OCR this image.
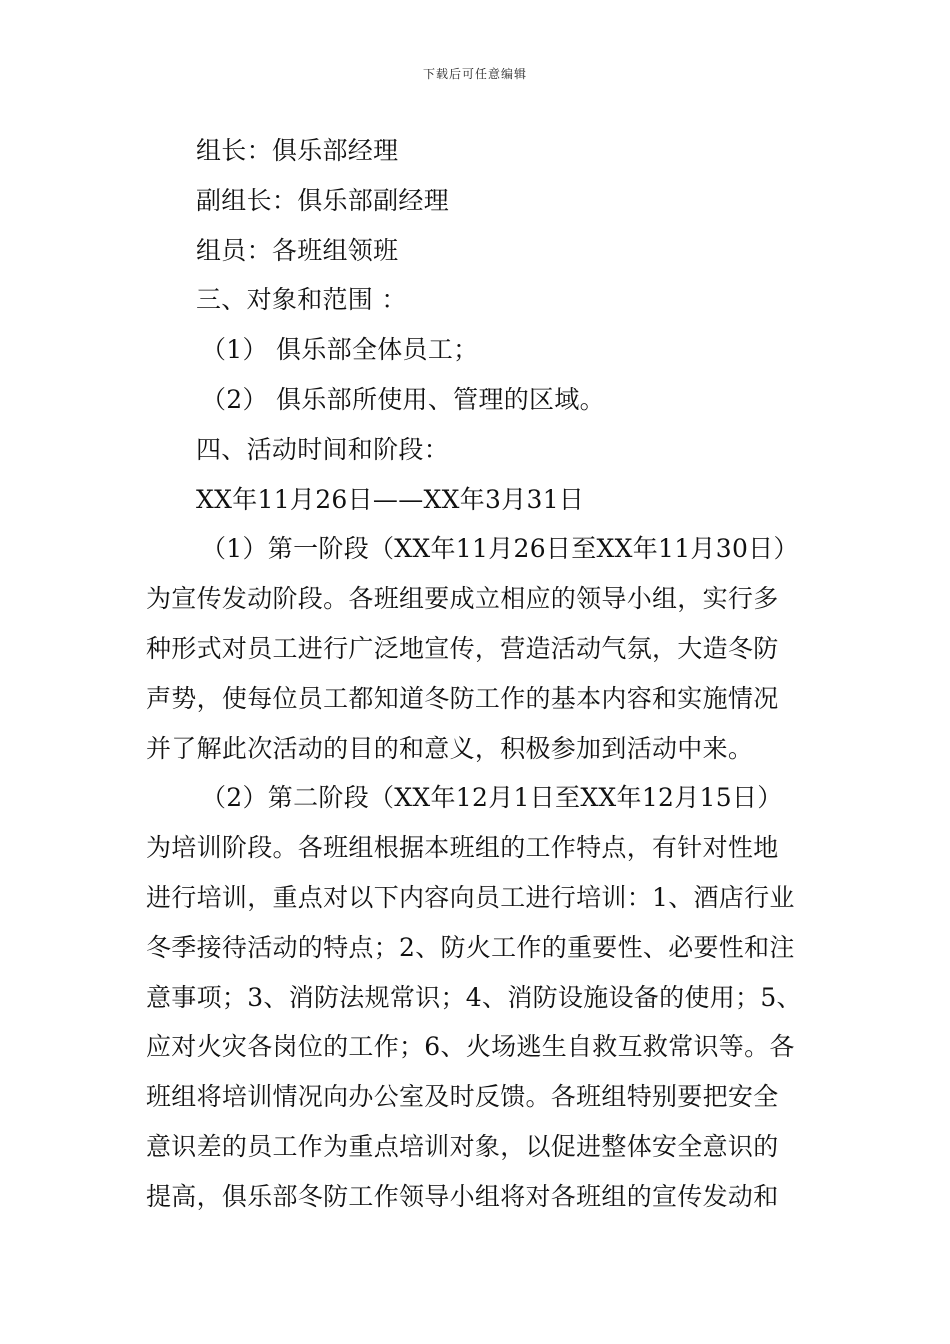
下载后可任意编辑
组长：俱乐部经理
副组长：俱乐部副经理
组员：各班组领班
三、对象和范围 ：
（1） 俱乐部全体员工；
（2） 俱乐部所使用、管理的区域。
四、活动时间和阶段：
XX年11月26日——XX年3月31日
（1）第一阶段（XX年11月26日至XX年11月30日）
为宣传发动阶段。各班组要成立相应的领导小组，实行多
种形式对员工进行广泛地宣传，营造活动气氛，大造冬防
声势，使每位员工都知道冬防工作的基本内容和实施情况
并了解此次活动的目的和意义，积极参加到活动中来。
（2）第二阶段（XX年12月1日至XX年12月15日）
为培训阶段。各班组根据本班组的工作特点，有针对性地
进行培训，重点对以下内容向员工进行培训：1、酒店行业
冬季接待活动的特点；2、防火工作的重要性、必要性和注
意事项；3、消防法规常识；4、消防设施设备的使用；5、
应对火灾各岗位的工作；6、火场逃生自救互救常识等。各
班组将培训情况向办公室及时反馈。各班组特别要把安全
意识差的员工作为重点培训对象，以促进整体安全意识的
提高，俱乐部冬防工作领导小组将对各班组的宣传发动和
